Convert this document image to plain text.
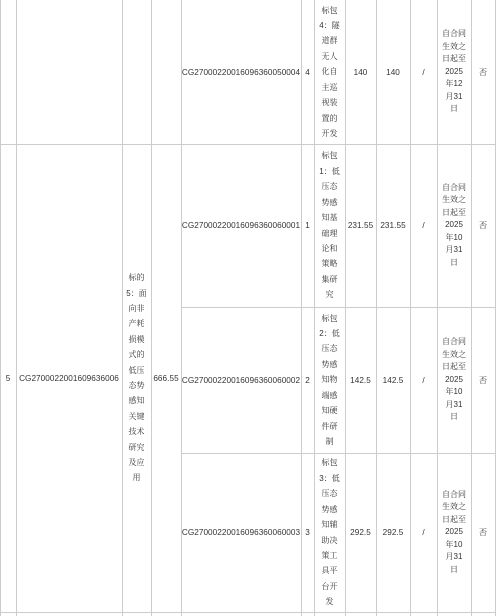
CG27000220016096360050004 4
标包
4：隧
道群
无人
化自
主巡
视装
置的
开发
140 140	/
自合同
生效之
日起至
2025
年12
月31
日
否
5 CG2700022001609636006
标的
5：面
向非
产耗
损模
式的
低压
态势
感知
关键
技术
研究
及应
用
666.55
CG27000220016096360060001 1
标包
1：低
压态
势感
知基
础理
论和
策略
集研
究
231.55 231.55 /
自合同
生效之
日起至
2025
年10
月31
日
否
CG27000220016096360060002 2
标包
2：低
压态
势感
知物
端感
知硬
件研
制
142.5 142.5 /
自合同
生效之
日起至
2025
年10
月31
日
否
CG27000220016096360060003 3
标包
3：低
压态
势感
知辅
助决
策工
具平
台开
发
292.5 292.5 /
自合同
生效之
日起至
2025
年10
月31
日
否
